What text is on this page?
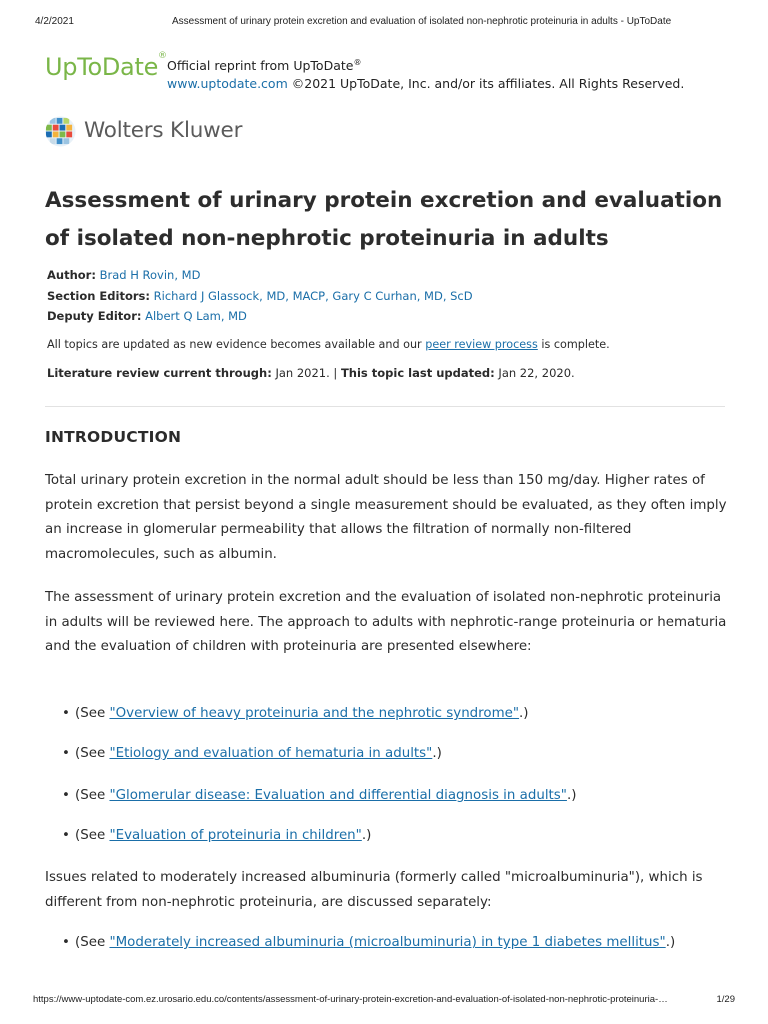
4/2/2021	Assessment of urinary protein excretion and evaluation of isolated non-nephrotic proteinuria in adults - UpToDate
UpToDate®
Official reprint from UpToDate®
www.uptodate.com ©2021 UpToDate, Inc. and/or its affiliates. All Rights Reserved.
Wolters Kluwer
Assessment of urinary protein excretion and evaluation of isolated non-nephrotic proteinuria in adults
Author: Brad H Rovin, MD
Section Editors: Richard J Glassock, MD, MACP, Gary C Curhan, MD, ScD
Deputy Editor: Albert Q Lam, MD
All topics are updated as new evidence becomes available and our peer review process is complete.
Literature review current through: Jan 2021. | This topic last updated: Jan 22, 2020.
INTRODUCTION

Total urinary protein excretion in the normal adult should be less than 150 mg/day. Higher rates of protein excretion that persist beyond a single measurement should be evaluated, as they often imply an increase in glomerular permeability that allows the filtration of normally non-filtered macromolecules, such as albumin.

The assessment of urinary protein excretion and the evaluation of isolated non-nephrotic proteinuria in adults will be reviewed here. The approach to adults with nephrotic-range proteinuria or hematuria and the evaluation of children with proteinuria are presented elsewhere:

• (See "Overview of heavy proteinuria and the nephrotic syndrome".)
• (See "Etiology and evaluation of hematuria in adults".)
• (See "Glomerular disease: Evaluation and differential diagnosis in adults".)
• (See "Evaluation of proteinuria in children".)

Issues related to moderately increased albuminuria (formerly called "microalbuminuria"), which is different from non-nephrotic proteinuria, are discussed separately:

• (See "Moderately increased albuminuria (microalbuminuria) in type 1 diabetes mellitus".)
https://www-uptodate-com.ez.urosario.edu.co/contents/assessment-of-urinary-protein-excretion-and-evaluation-of-isolated-non-nephrotic-proteinuria-…	1/29
